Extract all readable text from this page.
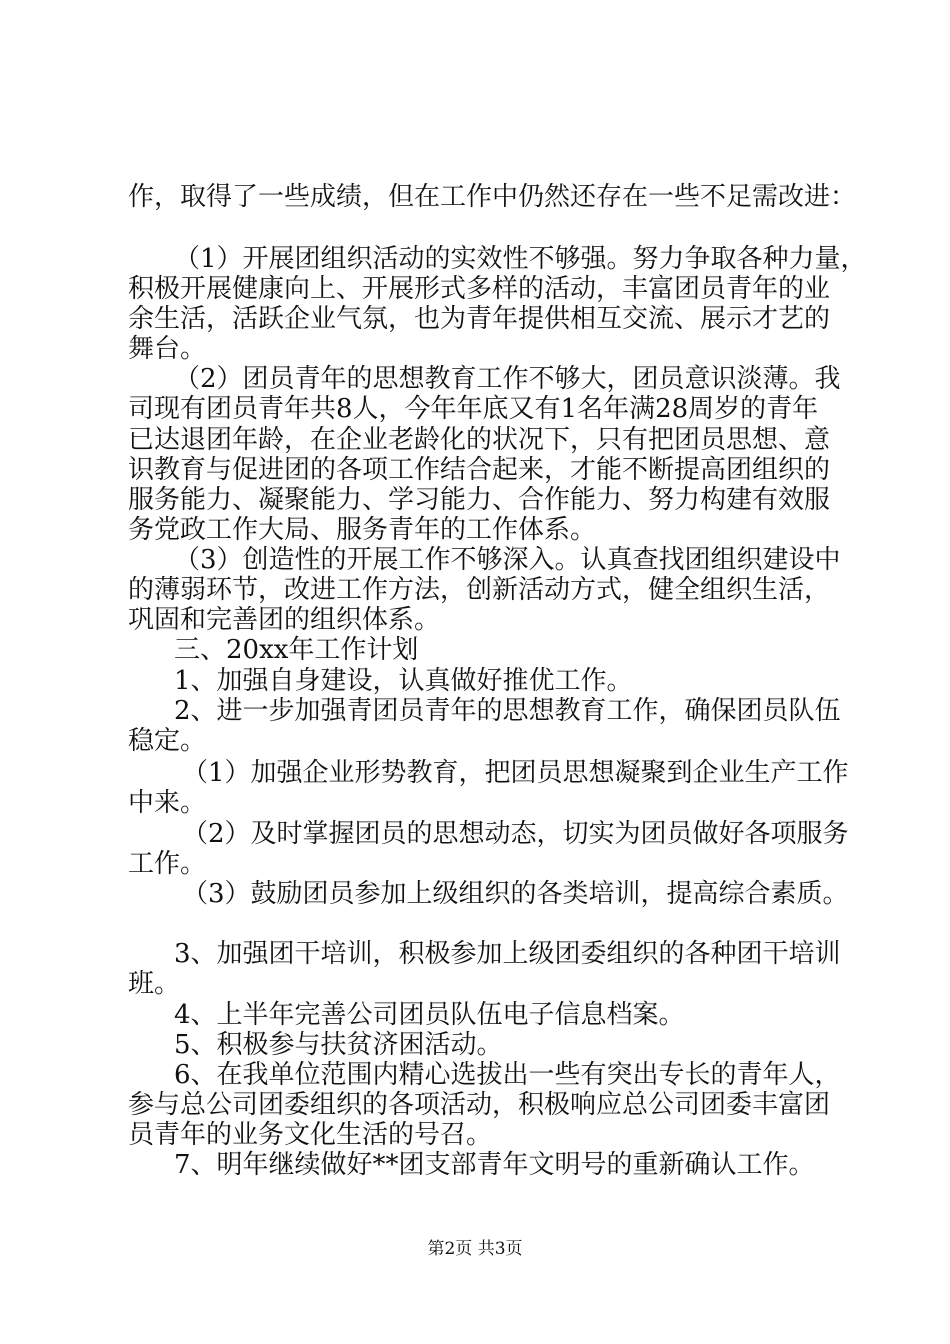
作，取得了一些成绩，但在工作中仍然还存在一些不足需改进：
（1）开展团组织活动的实效性不够强。努力争取各种力量，
积极开展健康向上、开展形式多样的活动，丰富团员青年的业
余生活，活跃企业气氛，也为青年提供相互交流、展示才艺的
舞台。
（2）团员青年的思想教育工作不够大，团员意识淡薄。我
司现有团员青年共8人，今年年底又有1名年满28周岁的青年
已达退团年龄，在企业老龄化的状况下，只有把团员思想、意
识教育与促进团的各项工作结合起来，才能不断提高团组织的
服务能力、凝聚能力、学习能力、合作能力、努力构建有效服
务党政工作大局、服务青年的工作体系。
（3）创造性的开展工作不够深入。认真查找团组织建设中
的薄弱环节，改进工作方法，创新活动方式，健全组织生活，
巩固和完善团的组织体系。
三、20xx年工作计划
1、加强自身建设，认真做好推优工作。
2、进一步加强青团员青年的思想教育工作，确保团员队伍
稳定。
（1）加强企业形势教育，把团员思想凝聚到企业生产工作
中来。
（2）及时掌握团员的思想动态，切实为团员做好各项服务
工作。
（3）鼓励团员参加上级组织的各类培训，提高综合素质。
3、加强团干培训，积极参加上级团委组织的各种团干培训
班。
4、上半年完善公司团员队伍电子信息档案。
5、积极参与扶贫济困活动。
6、在我单位范围内精心选拔出一些有突出专长的青年人，
参与总公司团委组织的各项活动，积极响应总公司团委丰富团
员青年的业务文化生活的号召。
7、明年继续做好**团支部青年文明号的重新确认工作。
第2页 共3页
